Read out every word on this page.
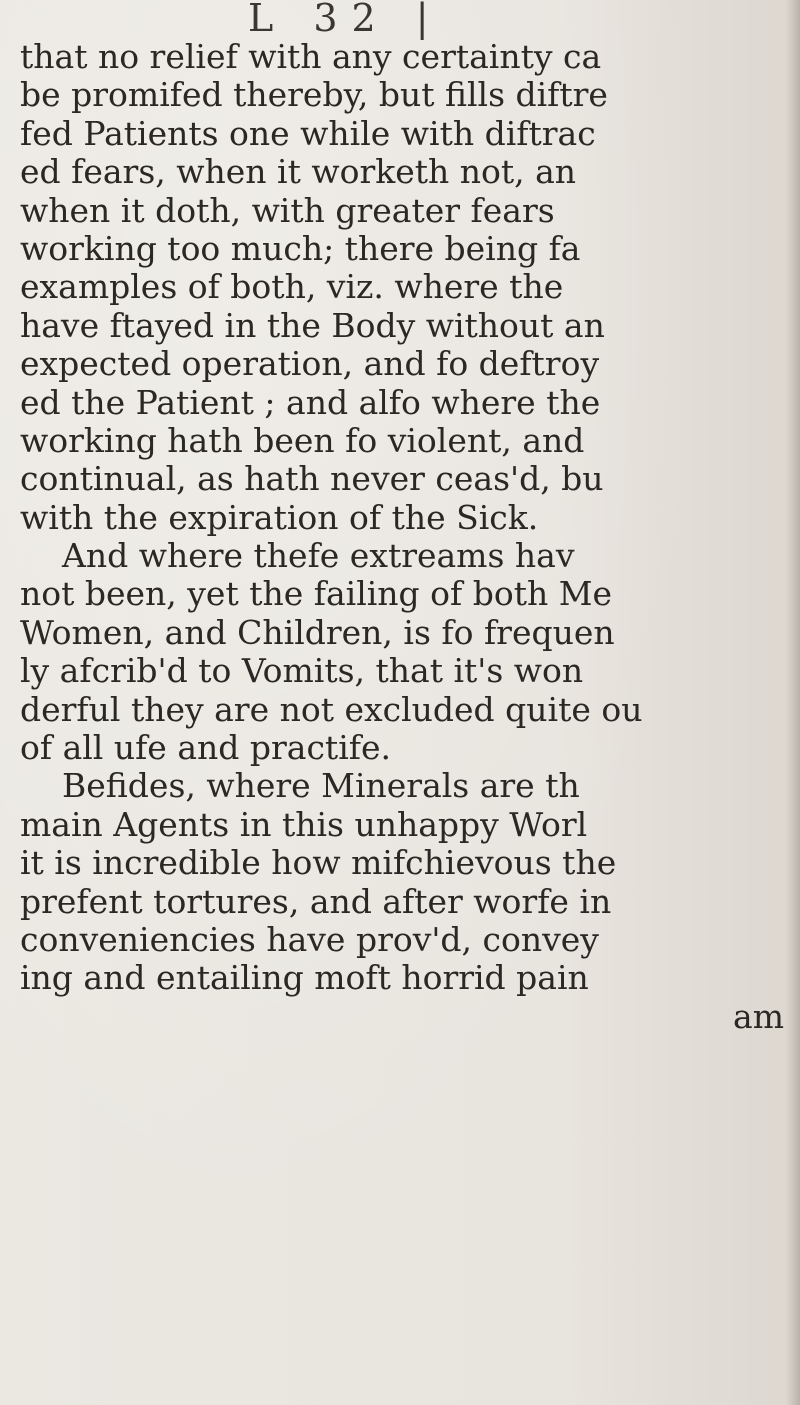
L 32 |
that no relief with any certainty ca
be promifed thereby, but fills diftre
fed Patients one while with diftrac
ed fears, when it worketh not, an
when it doth, with greater fears
working too much; there being fa
examples of both, viz. where the
have ftayed in the Body without an
expected operation, and fo deftroy
ed the Patient ; and alfo where the
working hath been fo violent, and
continual, as hath never ceas'd, bu
with the expiration of the Sick.
And where thefe extreams hav
not been, yet the failing of both Me
Women, and Children, is fo frequen
ly afcrib'd to Vomits, that it's won
derful they are not excluded quite ou
of all ufe and practife.
Befides, where Minerals are th
main Agents in this unhappy Worl
it is incredible how mifchievous the
prefent tortures, and after worfe in
conveniencies have prov'd, convey
ing and entailing moft horrid pain
am
